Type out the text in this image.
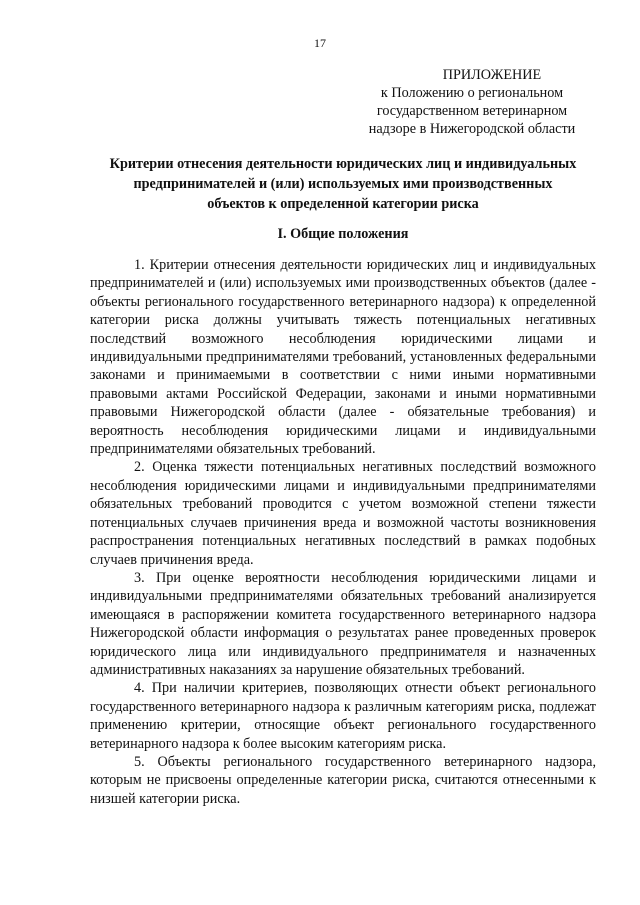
17
ПРИЛОЖЕНИЕ
к Положению о региональном
государственном ветеринарном
надзоре в Нижегородской области
Критерии отнесения деятельности юридических лиц и индивидуальных
предпринимателей и (или) используемых ими производственных
объектов к определенной категории риска
I. Общие положения

1. Критерии отнесения деятельности юридических лиц и индивидуальных предпринимателей и (или) используемых ими производственных объектов (далее - объекты регионального государственного ветеринарного надзора) к определенной категории риска должны учитывать тяжесть потенциальных негативных последствий возможного несоблюдения юридическими лицами и индивидуальными предпринимателями требований, установленных федеральными законами и принимаемыми в соответствии с ними иными нормативными правовыми актами Российской Федерации, законами и иными нормативными правовыми Нижегородской области (далее - обязательные требования) и вероятность несоблюдения юридическими лицами и индивидуальными предпринимателями обязательных требований.

2. Оценка тяжести потенциальных негативных последствий возможного несоблюдения юридическими лицами и индивидуальными предпринимателями обязательных требований проводится с учетом возможной степени тяжести потенциальных случаев причинения вреда и возможной частоты возникновения распространения потенциальных негативных последствий в рамках подобных случаев причинения вреда.

3. При оценке вероятности несоблюдения юридическими лицами и индивидуальными предпринимателями обязательных требований анализируется имеющаяся в распоряжении комитета государственного ветеринарного надзора Нижегородской области информация о результатах ранее проведенных проверок юридического лица или индивидуального предпринимателя и назначенных административных наказаниях за нарушение обязательных требований.

4. При наличии критериев, позволяющих отнести объект регионального государственного ветеринарного надзора к различным категориям риска, подлежат применению критерии, относящие объект регионального государственного ветеринарного надзора к более высоким категориям риска.

5. Объекты регионального государственного ветеринарного надзора, которым не присвоены определенные категории риска, считаются отнесенными к низшей категории риска.
